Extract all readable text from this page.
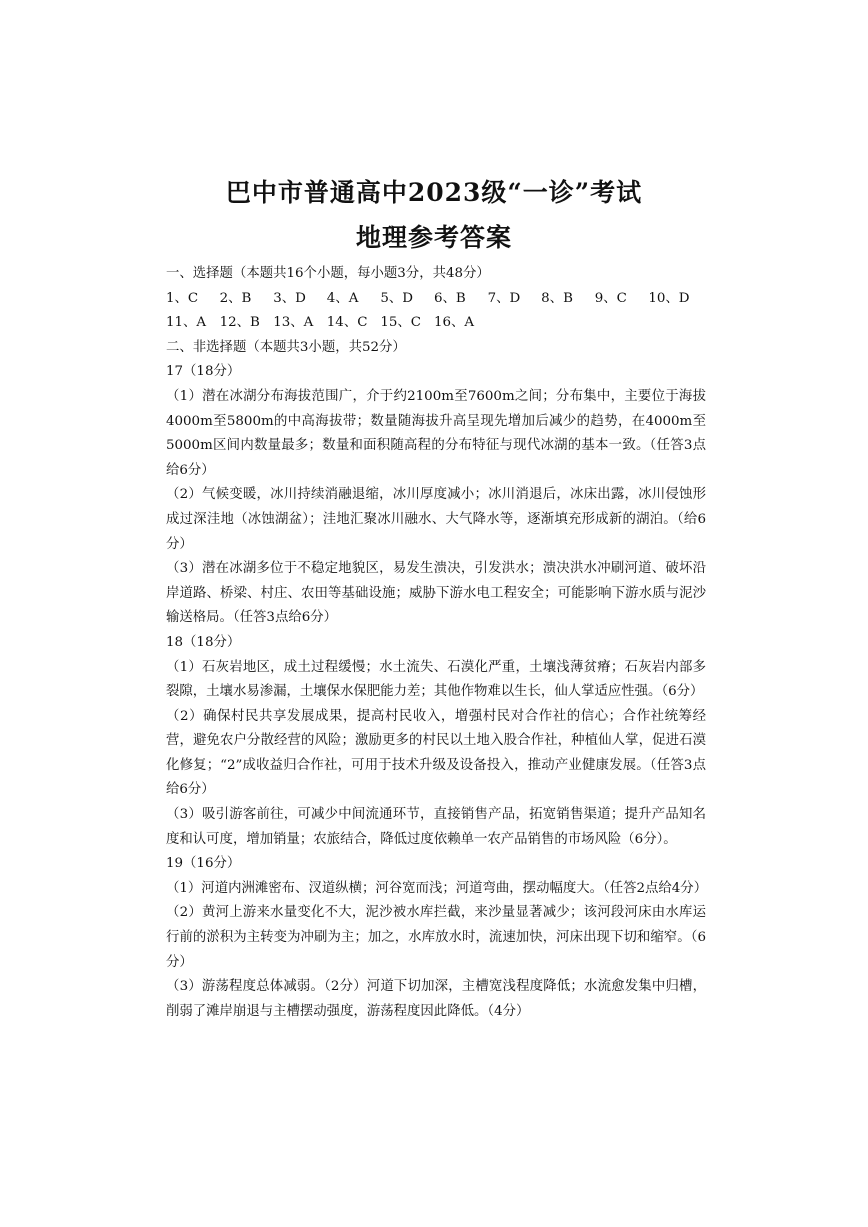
巴中市普通高中2023级“一诊”考试
地理参考答案
一、选择题（本题共16个小题，每小题3分，共48分）
1、C	2、B	3、D	4、A	5、D	6、B	7、D	8、B	9、C	10、D
11、A	12、B 13、A	14、C 15、C 16、A
二、非选择题（本题共3小题，共52分）
17（18分）
（1）潜在冰湖分布海拔范围广，介于约2100m至7600m之间；分布集中，主要位于海拔4000m至5800m的中高海拔带；数量随海拔升高呈现先增加后减少的趋势，在4000m至5000m区间内数量最多；数量和面积随高程的分布特征与现代冰湖的基本一致。（任答3点给6分）
（2）气候变暖，冰川持续消融退缩，冰川厚度减小；冰川消退后，冰床出露，冰川侵蚀形成过深洼地（冰蚀湖盆）；洼地汇聚冰川融水、大气降水等，逐渐填充形成新的湖泊。（给6分）
（3）潜在冰湖多位于不稳定地貌区，易发生溃决，引发洪水；溃决洪水冲刷河道、破坏沿岸道路、桥梁、村庄、农田等基础设施；威胁下游水电工程安全；可能影响下游水质与泥沙输送格局。（任答3点给6分）
18（18分）
（1）石灰岩地区，成土过程缓慢；水土流失、石漠化严重，土壤浅薄贫瘠；石灰岩内部多裂隙，土壤水易渗漏，土壤保水保肥能力差；其他作物难以生长，仙人掌适应性强。（6分）
（2）确保村民共享发展成果，提高村民收入，增强村民对合作社的信心；合作社统筹经营，避免农户分散经营的风险；激励更多的村民以土地入股合作社，种植仙人掌，促进石漠化修复；“2”成收益归合作社，可用于技术升级及设备投入，推动产业健康发展。（任答3点给6分）
（3）吸引游客前往，可减少中间流通环节，直接销售产品，拓宽销售渠道；提升产品知名度和认可度，增加销量；农旅结合，降低过度依赖单一农产品销售的市场风险（6分）。
19（16分）
（1）河道内洲滩密布、汊道纵横；河谷宽而浅；河道弯曲，摆动幅度大。（任答2点给4分）
（2）黄河上游来水量变化不大，泥沙被水库拦截，来沙量显著减少；该河段河床由水库运行前的淤积为主转变为冲刷为主；加之，水库放水时，流速加快，河床出现下切和缩窄。（6分）
（3）游荡程度总体减弱。（2分）河道下切加深，主槽宽浅程度降低；水流愈发集中归槽，削弱了滩岸崩退与主槽摆动强度，游荡程度因此降低。（4分）
